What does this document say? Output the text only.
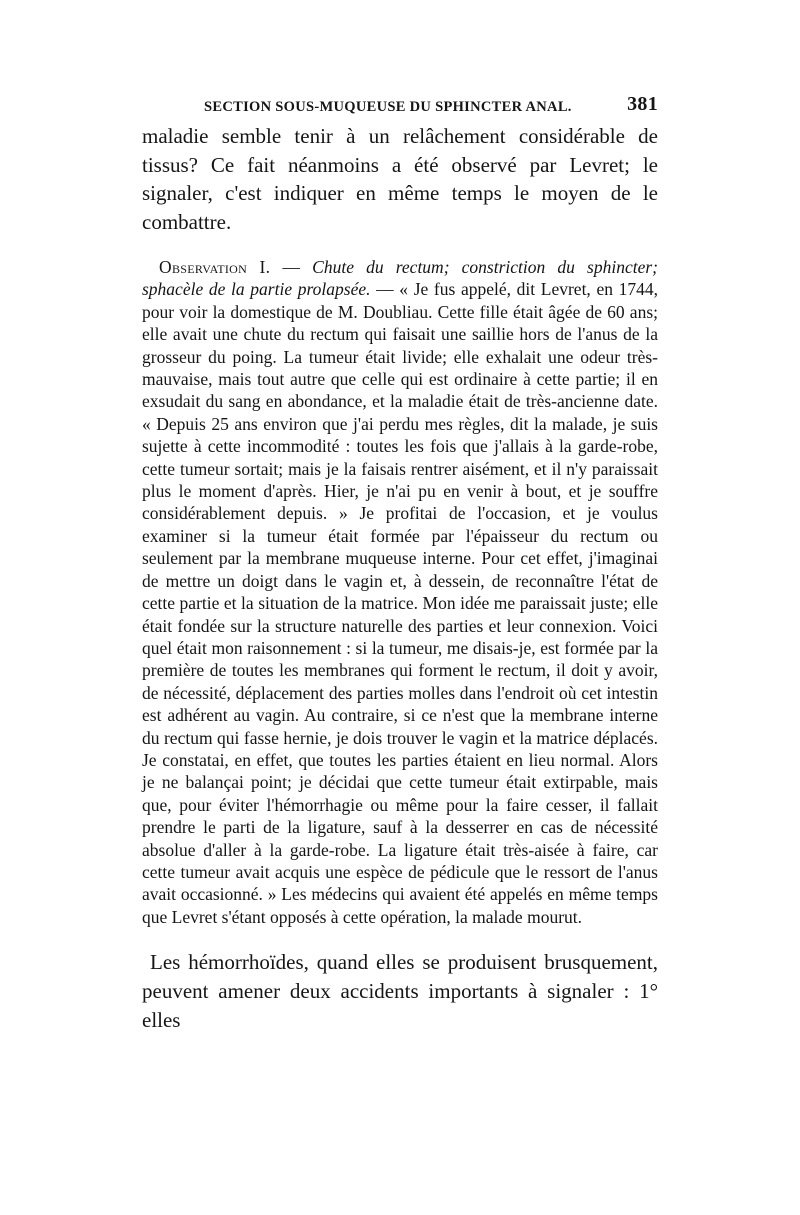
SECTION SOUS-MUQUEUSE DU SPHINCTER ANAL.	381

maladie semble tenir à un relâchement considérable de tissus? Ce fait néanmoins a été observé par Levret; le signaler, c'est indiquer en même temps le moyen de le combattre.

Observation I. — Chute du rectum; constriction du sphincter; sphacèle de la partie prolapsée. — « Je fus appelé, dit Levret, en 1744, pour voir la domestique de M. Doubliau. Cette fille était âgée de 60 ans; elle avait une chute du rectum qui faisait une saillie hors de l'anus de la grosseur du poing. La tumeur était livide; elle exhalait une odeur très-mauvaise, mais tout autre que celle qui est ordinaire à cette partie; il en exsudait du sang en abondance, et la maladie était de très-ancienne date. « Depuis 25 ans environ que j'ai perdu mes règles, dit la malade, je suis sujette à cette incommodité : toutes les fois que j'allais à la garde-robe, cette tumeur sortait; mais je la faisais rentrer aisément, et il n'y paraissait plus le moment d'après. Hier, je n'ai pu en venir à bout, et je souffre considérablement depuis. » Je profitai de l'occasion, et je voulus examiner si la tumeur était formée par l'épaisseur du rectum ou seulement par la membrane muqueuse interne. Pour cet effet, j'imaginai de mettre un doigt dans le vagin et, à dessein, de reconnaître l'état de cette partie et la situation de la matrice. Mon idée me paraissait juste; elle était fondée sur la structure naturelle des parties et leur connexion. Voici quel était mon raisonnement : si la tumeur, me disais-je, est formée par la première de toutes les membranes qui forment le rectum, il doit y avoir, de nécessité, déplacement des parties molles dans l'endroit où cet intestin est adhérent au vagin. Au contraire, si ce n'est que la membrane interne du rectum qui fasse hernie, je dois trouver le vagin et la matrice déplacés. Je constatai, en effet, que toutes les parties étaient en lieu normal. Alors je ne balançai point; je décidai que cette tumeur était extirpable, mais que, pour éviter l'hémorrhagie ou même pour la faire cesser, il fallait prendre le parti de la ligature, sauf à la desserrer en cas de nécessité absolue d'aller à la garde-robe. La ligature était très-aisée à faire, car cette tumeur avait acquis une espèce de pédicule que le ressort de l'anus avait occasionné. » Les médecins qui avaient été appelés en même temps que Levret s'étant opposés à cette opération, la malade mourut.

Les hémorrhoïdes, quand elles se produisent brusquement, peuvent amener deux accidents importants à signaler : 1° elles
